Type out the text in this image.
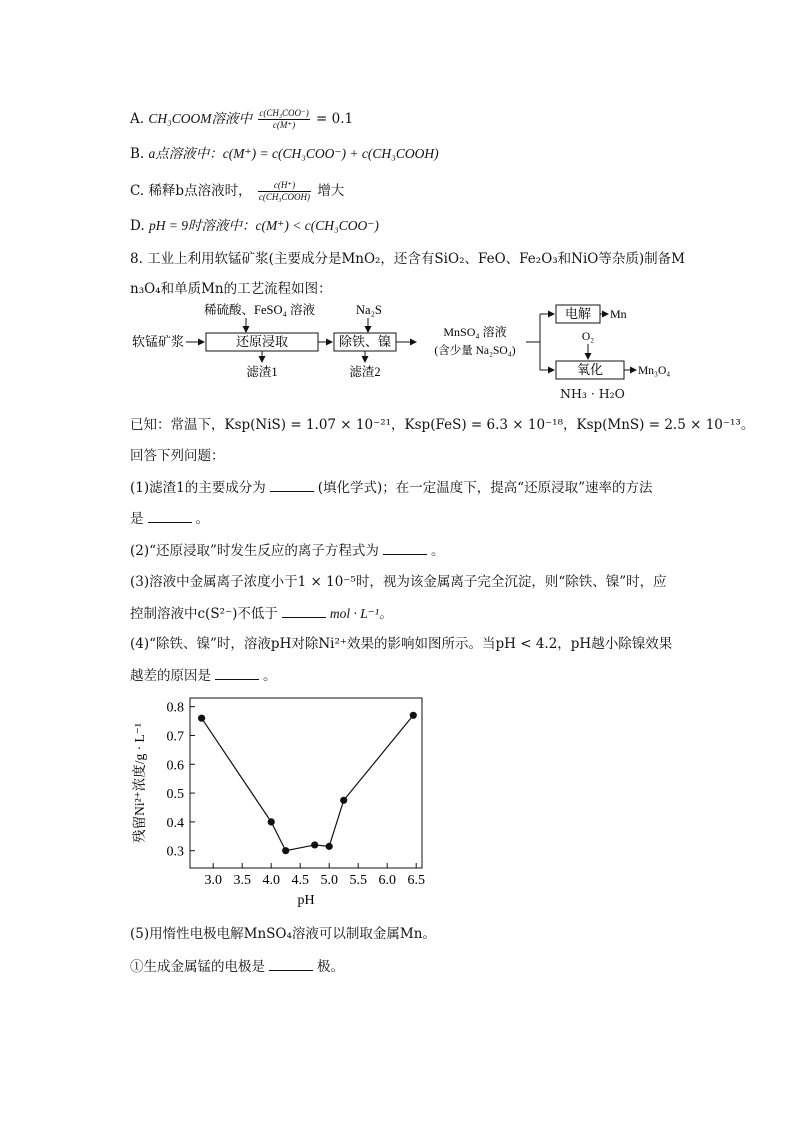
A. CH₃COOM溶液中 $\frac{\text{c(CH₃COO⁻)}}{c(M^+)} = 0.1$
B. a点溶液中：c(M⁺) = c(CH₃COO⁻) + c(CH₃COOH)
C. 稀释b点溶液时， $\frac{c(H^+)}{\text{c(CH₃COOH)}}$ 增大
D. pH = 9时溶液中：c(M⁺) < c(CH₃COO⁻)
8. 工业上利用软锰矿浆(主要成分是MnO₂，还含有SiO₂、FeO、Fe₂O₃和NiO等杂质)制备M
n₃O₄和单质Mn的工艺流程如图：
稀硫酸、FeSO₄ 溶液	Na₂S
软锰矿浆	还原浸取	除铁、镍
滤渣1	滤渣2
MnSO₄ 溶液
(含少量 Na₂SO₄)
电解 Mn
O₂
氧化	Mn₃O₄
NH₃ · H₂O
已知：常温下，Ksp(NiS) = 1.07 × 10⁻²¹，Ksp(FeS) = 6.3 × 10⁻¹⁸，Ksp(MnS) = 2.5 × 10⁻¹³。
回答下列问题：
(1)滤渣1的主要成分为	(填化学式)；在一定温度下，提高“还原浸取”速率的方法
是	。
(2)“还原浸取”时发生反应的离子方程式为	。
(3)溶液中金属离子浓度小于1 × 10⁻⁵时，视为该金属离子完全沉淀，则“除铁、镍”时，应
控制溶液中c(S²⁻)不低于	mol · L⁻¹。
(4)“除铁、镍”时，溶液pH对除Ni²⁺效果的影响如图所示。当pH < 4.2，pH越小除镍效果
越差的原因是	。
0.3
0.4
0.5
0.6
0.7
0.8
3.0 3.5 4.0 4.5 5.0 5.5 6.0 6.5
pH
残留Ni²⁺浓度/g · L⁻¹
(5)用惰性电极电解MnSO₄溶液可以制取金属Mn。
①生成金属锰的电极是	极。
